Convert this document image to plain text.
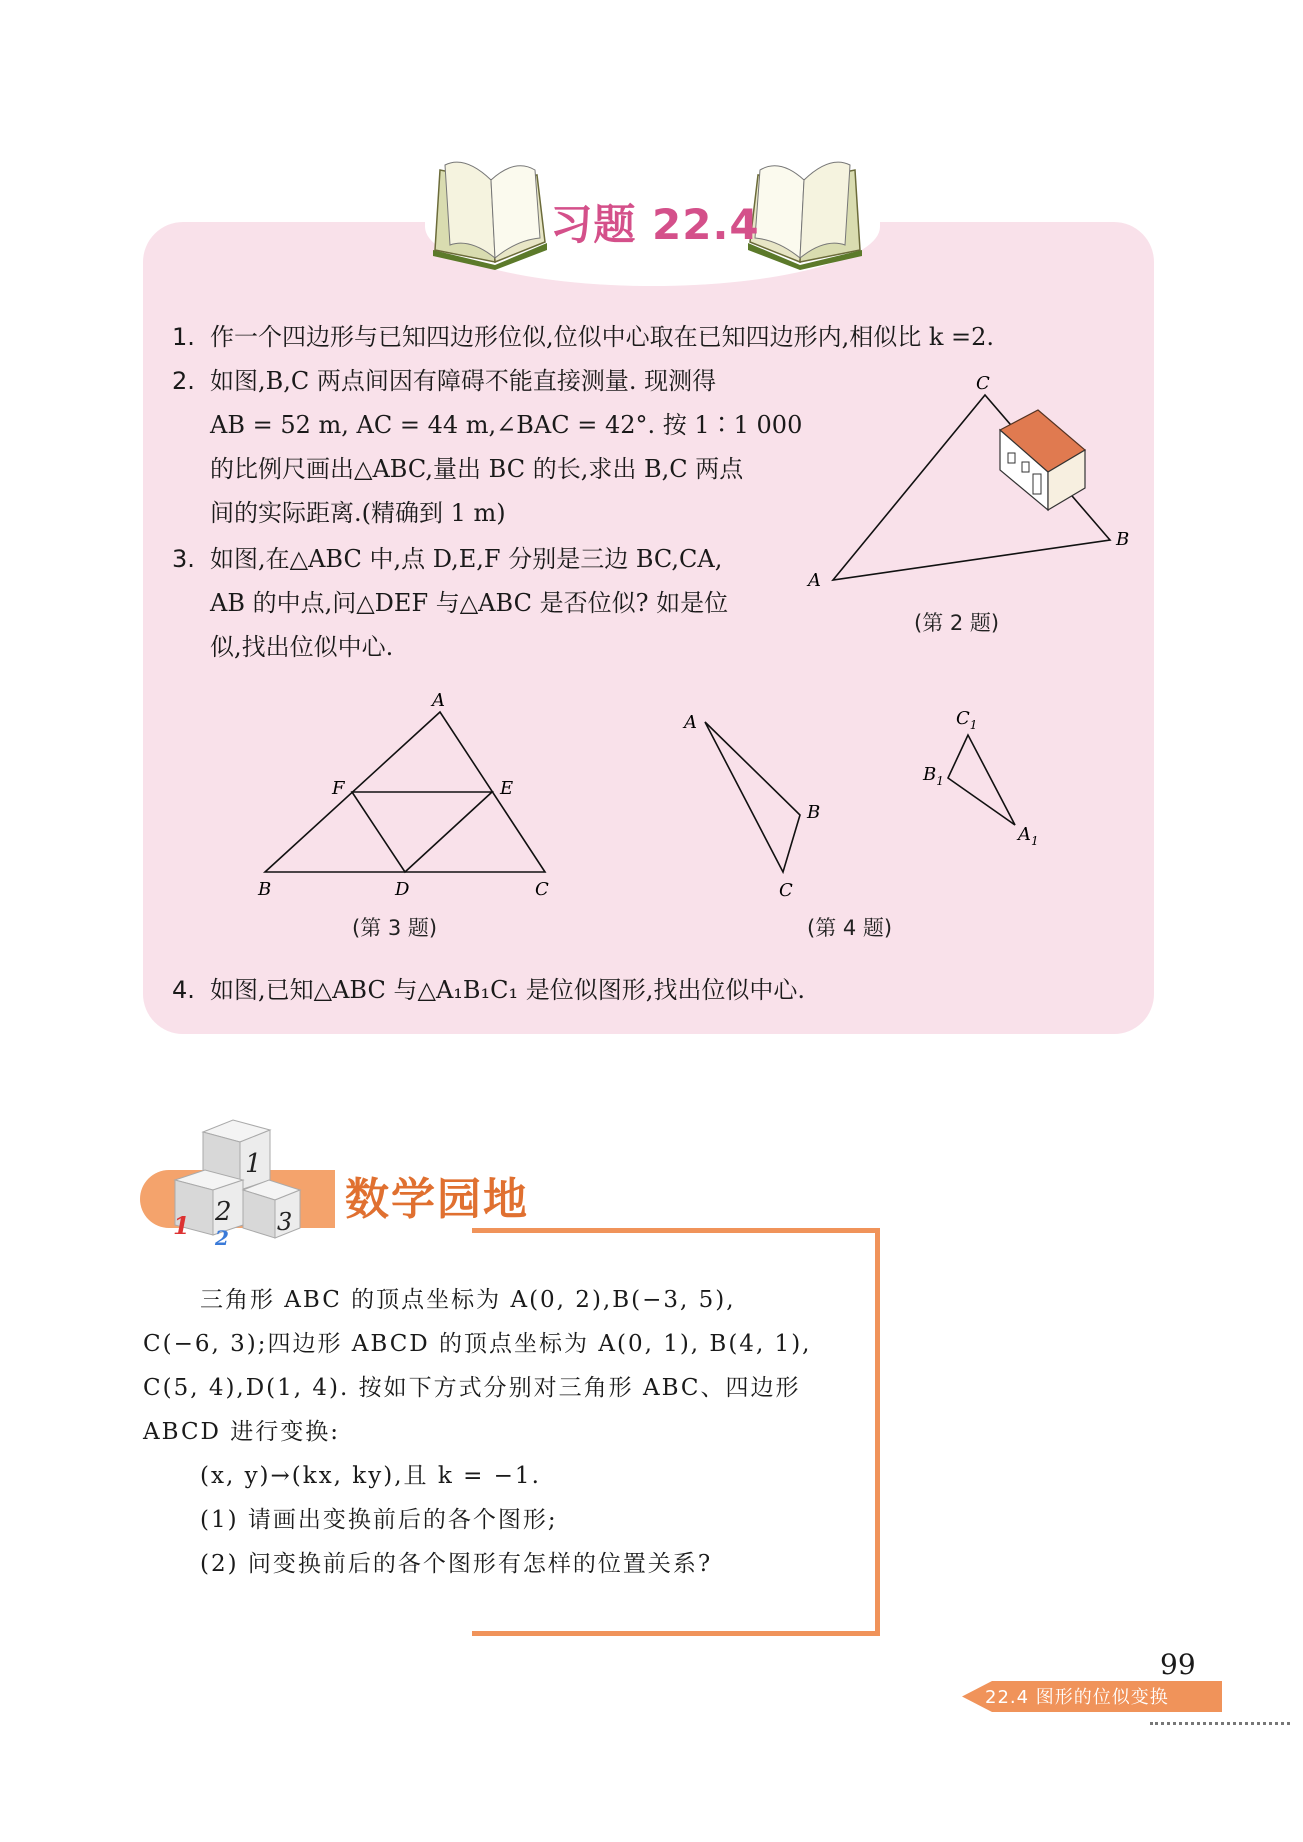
习题 22.4
1. 作一个四边形与已知四边形位似,位似中心取在已知四边形内,相似比 k =2.
2. 如图,B,C 两点间因有障碍不能直接测量. 现测得
AB = 52 m, AC = 44 m,∠BAC = 42°. 按 1∶1 000
的比例尺画出△ABC,量出 BC 的长,求出 B,C 两点
间的实际距离.(精确到 1 m)
3. 如图,在△ABC 中,点 D,E,F 分别是三边 BC,CA,
AB 的中点,问△DEF 与△ABC 是否位似? 如是位
似,找出位似中心.
A
B
C
(第 2 题)
A
B	C
D
E
F
(第 3 题)
A
B
C
$A_1$
$B_1$
$C_1$
(第 4 题)
4. 如图,已知△ABC 与△A₁B₁C₁ 是位似图形,找出位似中心.
1
2 3
1 2
数学园地
三角形 ABC 的顶点坐标为 A(0, 2),B(−3, 5),
C(−6, 3);四边形 ABCD 的顶点坐标为 A(0, 1), B(4, 1),
C(5, 4),D(1, 4). 按如下方式分别对三角形 ABC、四边形
ABCD 进行变换:
(x, y)→(kx, ky),且 k = −1.
(1) 请画出变换前后的各个图形;
(2) 问变换前后的各个图形有怎样的位置关系?
99
22.4 图形的位似变换
